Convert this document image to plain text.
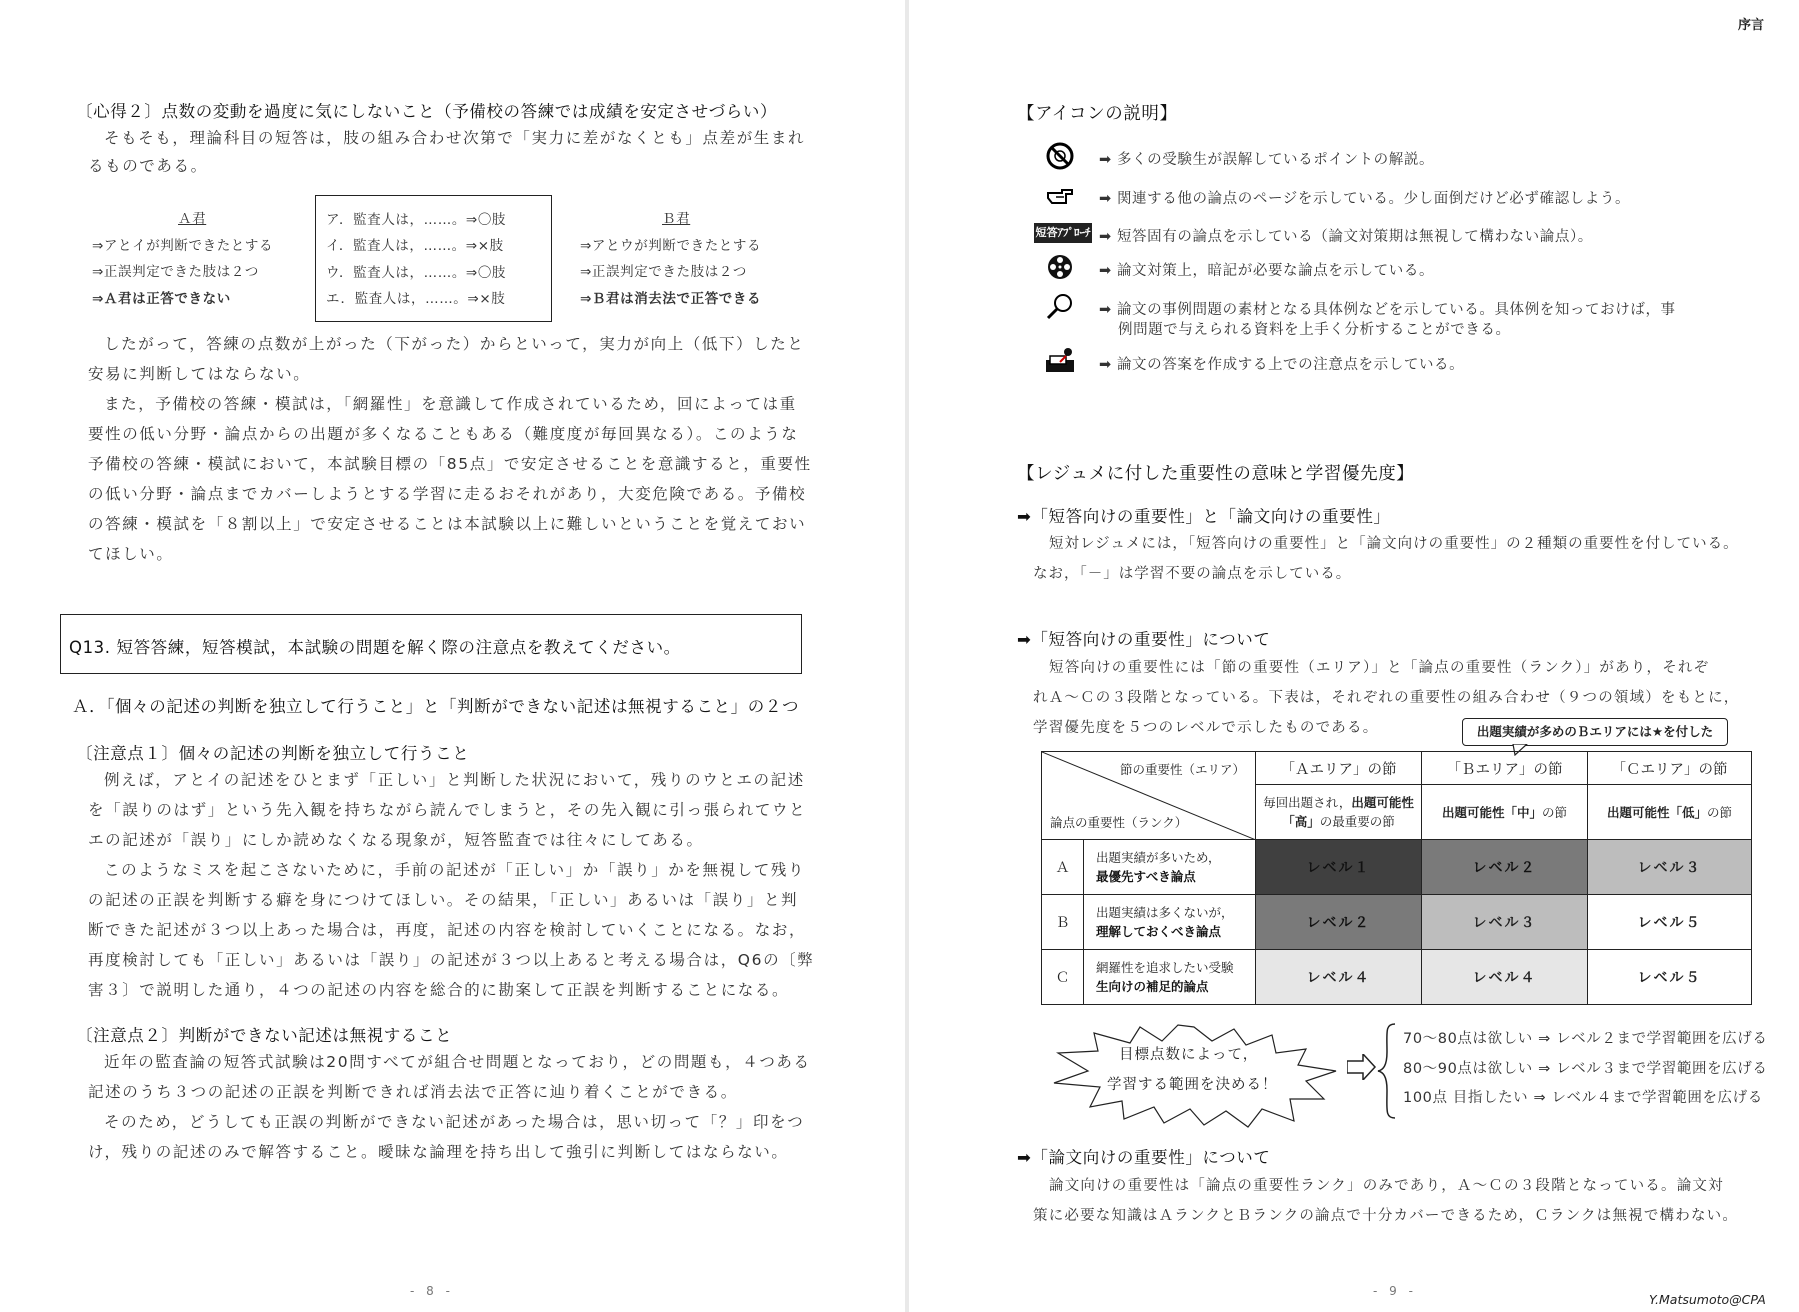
〔心得２〕点数の変動を過度に気にしないこと（予備校の答練では成績を安定させづらい）
そもそも，理論科目の短答は，肢の組み合わせ次第で「実力に差がなくとも」点差が生まれ
るものである。
Ａ君
⇒アとイが判断できたとする
⇒正誤判定できた肢は２つ
⇒Ａ君は正答できない
ア．監査人は，……。⇒〇肢
イ．監査人は，……。⇒×肢
ウ．監査人は，……。⇒〇肢
エ．監査人は，……。⇒×肢
Ｂ君
⇒アとウが判断できたとする
⇒正誤判定できた肢は２つ
⇒Ｂ君は消去法で正答できる
したがって，答練の点数が上がった（下がった）からといって，実力が向上（低下）したと
安易に判断してはならない。
また，予備校の答練・模試は，「網羅性」を意識して作成されているため，回によっては重
要性の低い分野・論点からの出題が多くなることもある（難度度が毎回異なる）。このような
予備校の答練・模試において，本試験目標の「85点」で安定させることを意識すると，重要性
の低い分野・論点までカバーしようとする学習に走るおそれがあり，大変危険である。予備校
の答練・模試を「８割以上」で安定させることは本試験以上に難しいということを覚えておい
てほしい。
Q13. 短答答練，短答模試，本試験の問題を解く際の注意点を教えてください。
Ａ．「個々の記述の判断を独立して行うこと」と「判断ができない記述は無視すること」の２つ
〔注意点１〕個々の記述の判断を独立して行うこと
例えば，アとイの記述をひとまず「正しい」と判断した状況において，残りのウとエの記述
を「誤りのはず」という先入観を持ちながら読んでしまうと，その先入観に引っ張られてウと
エの記述が「誤り」にしか読めなくなる現象が，短答監査では往々にしてある。
このようなミスを起こさないために，手前の記述が「正しい」か「誤り」かを無視して残り
の記述の正誤を判断する癖を身につけてほしい。その結果，「正しい」あるいは「誤り」と判
断できた記述が３つ以上あった場合は，再度，記述の内容を検討していくことになる。なお，
再度検討しても「正しい」あるいは「誤り」の記述が３つ以上あると考える場合は，Q6の〔弊
害３〕で説明した通り，４つの記述の内容を総合的に勘案して正誤を判断することになる。
〔注意点２〕判断ができない記述は無視すること
近年の監査論の短答式試験は20問すべてが組合せ問題となっており，どの問題も，４つある
記述のうち３つの記述の正誤を判断できれば消去法で正答に辿り着くことができる。
そのため，どうしても正誤の判断ができない記述があった場合は，思い切って「？」印をつ
け，残りの記述のみで解答すること。曖昧な論理を持ち出して強引に判断してはならない。
- 8 -
序言
【アイコンの説明】
➡ 多くの受験生が誤解しているポイントの解説。
➡ 関連する他の論点のページを示している。少し面倒だけど必ず確認しよう。
短答ｱﾌﾟﾛｰﾁ ➡ 短答固有の論点を示している（論文対策期は無視して構わない論点）。
➡ 論文対策上，暗記が必要な論点を示している。
➡ 論文の事例問題の素材となる具体例などを示している。具体例を知っておけば，事
例問題で与えられる資料を上手く分析することができる。
➡ 論文の答案を作成する上での注意点を示している。
【レジュメに付した重要性の意味と学習優先度】
➡「短答向けの重要性」と「論文向けの重要性」
短対レジュメには，「短答向けの重要性」と「論文向けの重要性」の２種類の重要性を付している。
なお，「－」は学習不要の論点を示している。
➡「短答向けの重要性」について
短答向けの重要性には「節の重要性（エリア）」と「論点の重要性（ランク）」があり，それぞ
れＡ～Ｃの３段階となっている。下表は，それぞれの重要性の組み合わせ（９つの領域）をもとに，
学習優先度を５つのレベルで示したものである。	出題実績が多めのＢエリアには★を付した
節の重要性（エリア）
論点の重要性（ランク）		「Ａエリア」の節	「Ｂエリア」の節	「Ｃエリア」の節
		毎回出題され，出題可能性「高」の最重要の節	出題可能性「中」の節	出題可能性「低」の節
Ａ	出題実績が多いため，
最優先すべき論点	レベル１	レベル２	レベル３
Ｂ	出題実績は多くないが，
理解しておくべき論点	レベル２	レベル３	レベル５
Ｃ	網羅性を追求したい受験
生向けの補足的論点	レベル４	レベル４	レベル５
目標点数によって，
学習する範囲を決める！
70～80点は欲しい ⇒ レベル２まで学習範囲を広げる
80～90点は欲しい ⇒ レベル３まで学習範囲を広げる
100点 目指したい ⇒ レベル４まで学習範囲を広げる
➡「論文向けの重要性」について
論文向けの重要性は「論点の重要性ランク」のみであり，Ａ～Ｃの３段階となっている。論文対
策に必要な知識はＡランクとＢランクの論点で十分カバーできるため，Ｃランクは無視で構わない。
- 9 -
Y.Matsumoto@CPA
